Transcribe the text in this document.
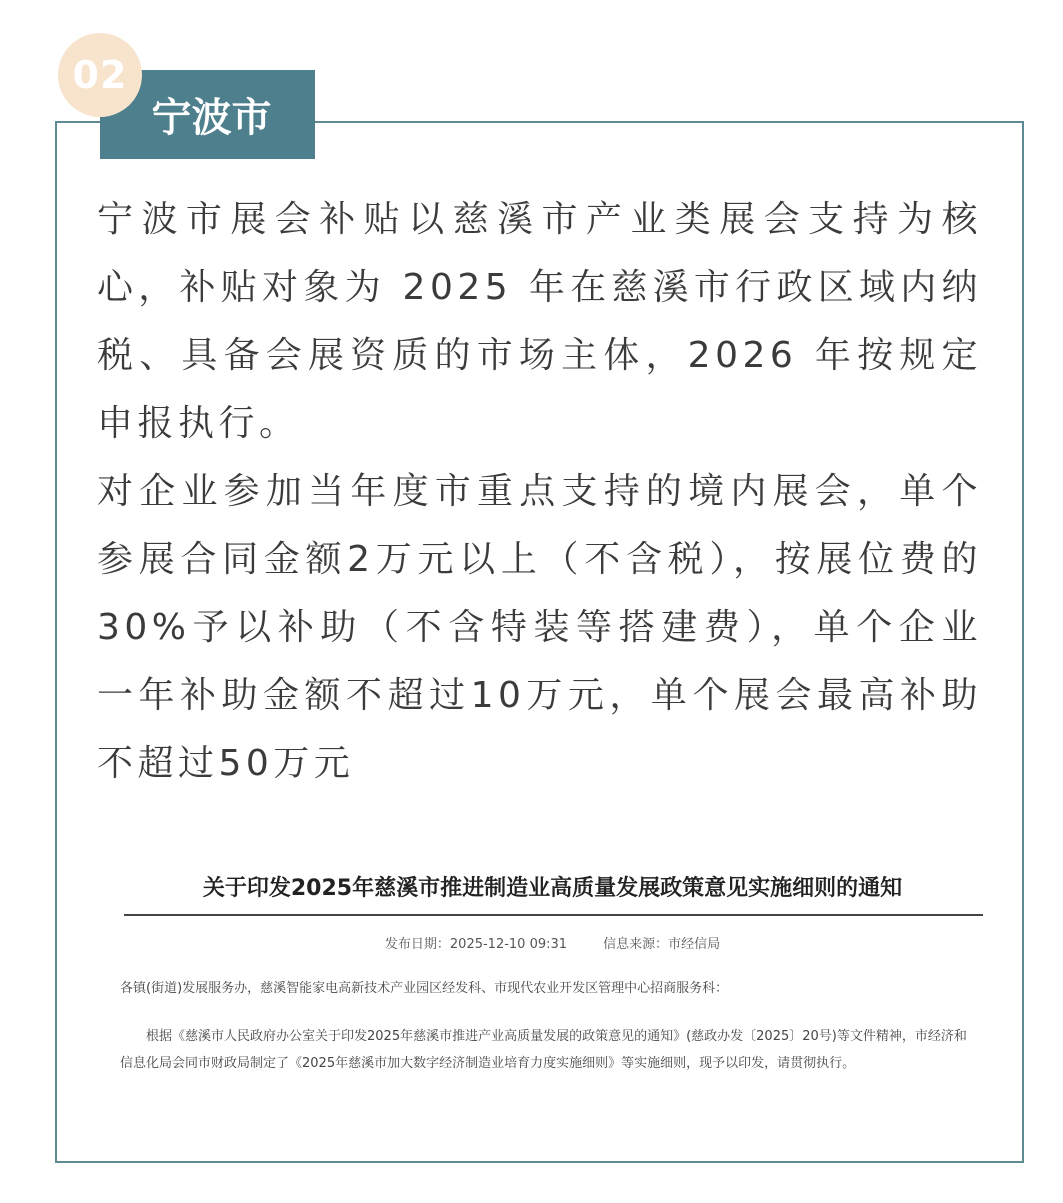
02
宁波市
宁波市展会补贴以慈溪市产业类展会支持为核心，补贴对象为 2025 年在慈溪市行政区域内纳税、具备会展资质的市场主体，2026 年按规定申报执行。
对企业参加当年度市重点支持的境内展会，单个参展合同金额2万元以上（不含税），按展位费的30%予以补助（不含特装等搭建费），单个企业一年补助金额不超过10万元，单个展会最高补助不超过50万元
关于印发2025年慈溪市推进制造业高质量发展政策意见实施细则的通知
发布日期：2025-12-10 09:31	信息来源：市经信局
各镇(街道)发展服务办，慈溪智能家电高新技术产业园区经发科、市现代农业开发区管理中心招商服务科：
根据《慈溪市人民政府办公室关于印发2025年慈溪市推进产业高质量发展的政策意见的通知》(慈政办发〔2025〕20号)等文件精神，市经济和信息化局会同市财政局制定了《2025年慈溪市加大数字经济制造业培育力度实施细则》等实施细则，现予以印发，请贯彻执行。
